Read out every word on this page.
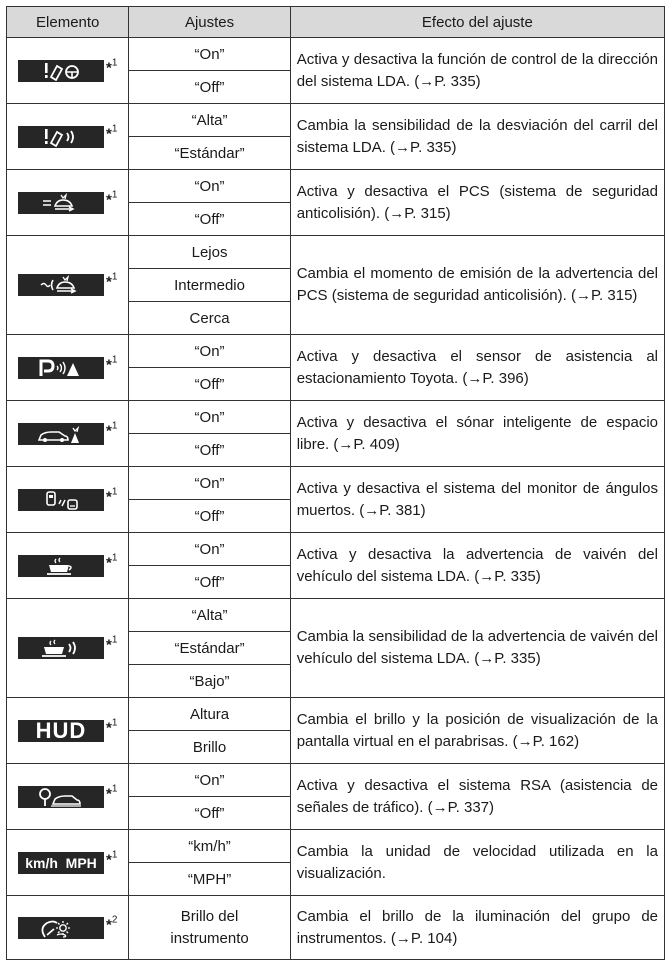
Elemento	Ajustes	Efecto del ajuste

*$^1$	“On”	Activa y desactiva la función de control de la dirección del sistema LDA. (→P. 335)
	“Off”	

*$^1$	“Alta”	Cambia la sensibilidad de la desviación del carril del sistema LDA. (→P. 335)
	“Estándar”	

*$^1$	“On”	Activa y desactiva el PCS (sistema de seguridad anticolisión). (→P. 315)
	“Off”	

*$^1$	Lejos	Cambia el momento de emisión de la advertencia del PCS (sistema de seguridad anticolisión). (→P. 315)
	Intermedio	
	Cerca	

*$^1$	“On”	Activa y desactiva el sensor de asistencia al estacionamiento Toyota. (→P. 396)
	“Off”	

*$^1$	“On”	Activa y desactiva el sónar inteligente de espacio libre. (→P. 409)
	“Off”	

*$^1$	“On”	Activa y desactiva el sistema del monitor de ángulos muertos. (→P. 381)
	“Off”	

*$^1$	“On”	Activa y desactiva la advertencia de vaivén del vehículo del sistema LDA. (→P. 335)
	“Off”	

*$^1$	“Alta”	Cambia la sensibilidad de la advertencia de vaivén del vehículo del sistema LDA. (→P. 335)
	“Estándar”	
	“Bajo”	

HUD *$^1$	Altura	Cambia el brillo y la posición de visualización de la pantalla virtual en el parabrisas. (→P. 162)
	Brillo	

*$^1$	“On”	Activa y desactiva el sistema RSA (asistencia de señales de tráfico). (→P. 337)
	“Off”	

km/h  MPH *$^1$	“km/h”	Cambia la unidad de velocidad utilizada en la visualización.
	“MPH”	

*$^2$	Brillo del instrumento	Cambia el brillo de la iluminación del grupo de instrumentos. (→P. 104)
